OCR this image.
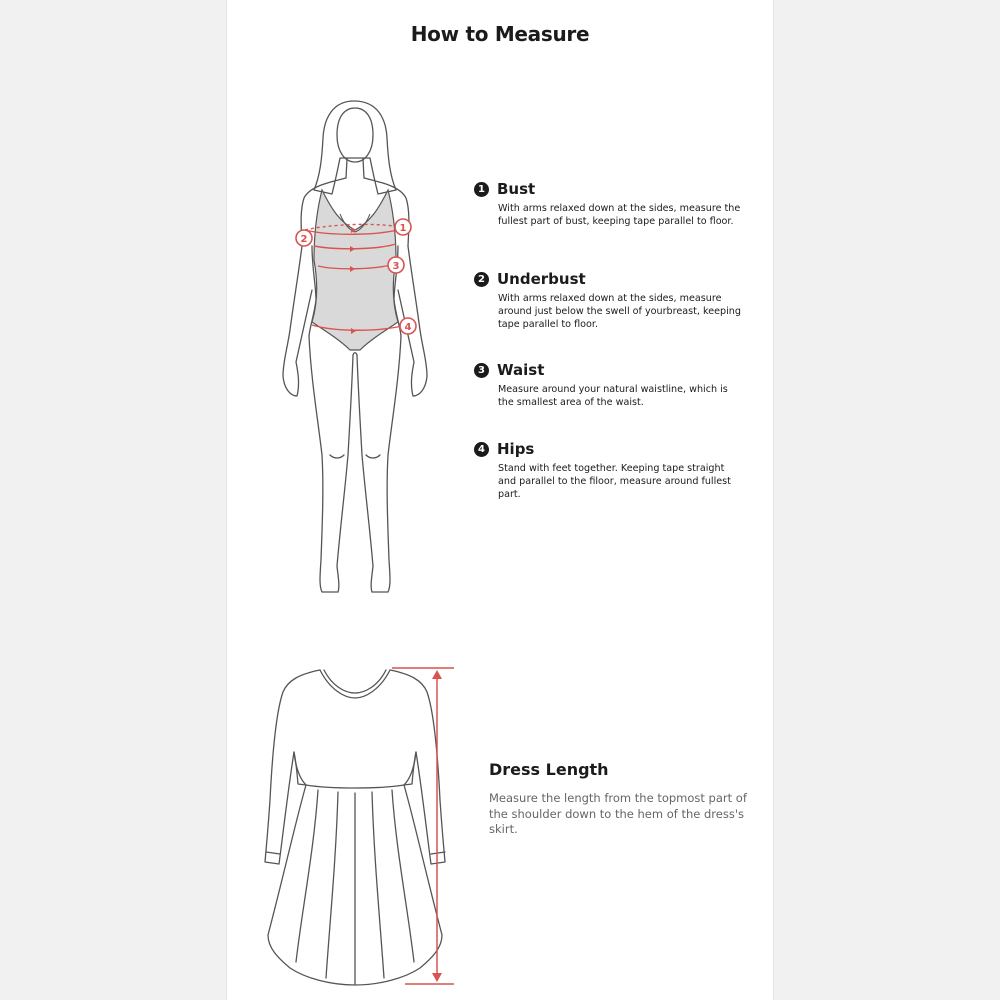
How to Measure
1
2
3
4
1 Bust
With arms relaxed down at the sides, measure the fullest part of bust, keeping tape parallel to floor.
2 Underbust
With arms relaxed down at the sides, measure around just below the swell of yourbreast, keeping tape parallel to floor.
3 Waist
Measure around your natural waistline, which is the smallest area of the waist.
4 Hips
Stand with feet together. Keeping tape straight and parallel to the filoor, measure around fullest part.
Dress Length
Measure the length from the topmost part of the shoulder down to the hem of the dress's skirt.
